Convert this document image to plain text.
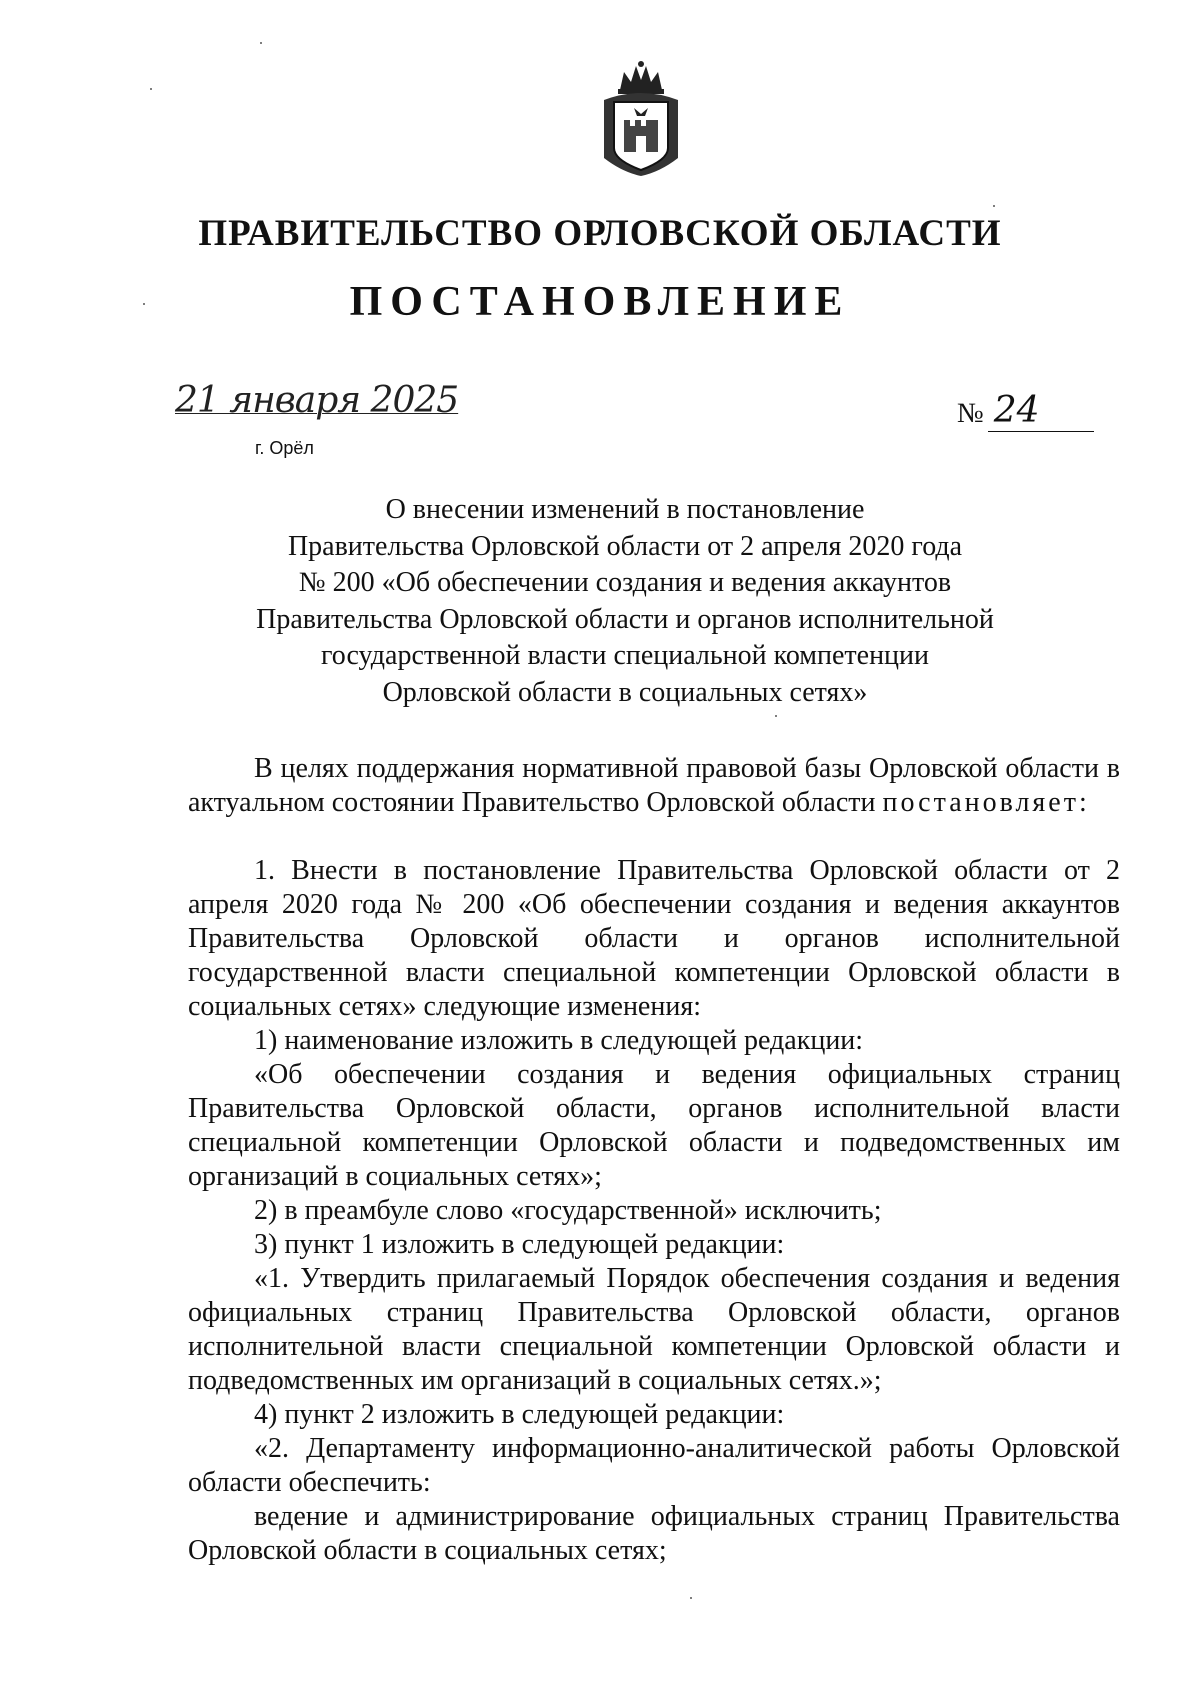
ПРАВИТЕЛЬСТВО ОРЛОВСКОЙ ОБЛАСТИ
ПОСТАНОВЛЕНИЕ
21 января 2025
г. Орёл
№ 24

О внесении изменений в постановление
Правительства Орловской области от 2 апреля 2020 года
№ 200 «Об обеспечении создания и ведения аккаунтов
Правительства Орловской области и органов исполнительной
государственной власти специальной компетенции
Орловской области в социальных сетях»

В целях поддержания нормативной правовой базы Орловской области в актуальном состоянии Правительство Орловской области постановляет:

1. Внести в постановление Правительства Орловской области от 2 апреля 2020 года № 200 «Об обеспечении создания и ведения аккаунтов Правительства Орловской области и органов исполнительной государственной власти специальной компетенции Орловской области в социальных сетях» следующие изменения:

1) наименование изложить в следующей редакции:

«Об обеспечении создания и ведения официальных страниц Правительства Орловской области, органов исполнительной власти специальной компетенции Орловской области и подведомственных им организаций в социальных сетях»;

2) в преамбуле слово «государственной» исключить;

3) пункт 1 изложить в следующей редакции:

«1. Утвердить прилагаемый Порядок обеспечения создания и ведения официальных страниц Правительства Орловской области, органов исполнительной власти специальной компетенции Орловской области и подведомственных им организаций в социальных сетях.»;

4) пункт 2 изложить в следующей редакции:

«2. Департаменту информационно-аналитической работы Орловской области обеспечить:

ведение и администрирование официальных страниц Правительства Орловской области в социальных сетях;
